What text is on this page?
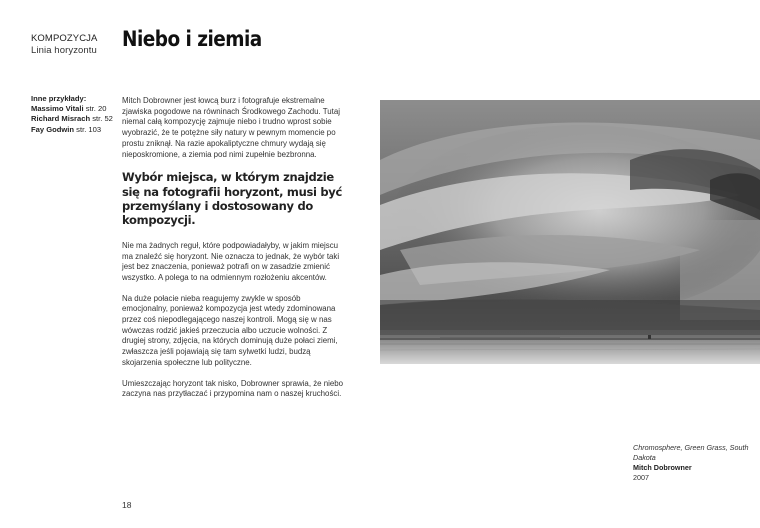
KOMPOZYCJA
Linia horyzontu Niebo i ziemia
Inne przykłady:
Massimo Vitali str. 20
Richard Misrach str. 52
Fay Godwin str. 103

Mitch Dobrowner jest łowcą burz i fotografuje ekstremalne zjawiska pogodowe na równinach Środkowego Zachodu. Tutaj niemal całą kompozycję zajmuje niebo i trudno wprost sobie wyobrazić, że te potężne siły natury w pewnym momencie po prostu zniknął. Na razie apokaliptyczne chmury wydają się nieposkromione, a ziemia pod nimi zupełnie bezbronna.

Wybór miejsca, w którym znajdzie się na fotografii horyzont, musi być przemyślany i dostosowany do kompozycji.

Nie ma żadnych reguł, które podpowiadałyby, w jakim miejscu ma znaleźć się horyzont. Nie oznacza to jednak, że wybór taki jest bez znaczenia, ponieważ potrafi on w zasadzie zmienić wszystko. A polega to na odmiennym rozłożeniu akcentów.

Na duże połacie nieba reagujemy zwykle w sposób emocjonalny, ponieważ kompozycja jest wtedy zdominowana przez coś niepodlegającego naszej kontroli. Mogą się w nas wówczas rodzić jakieś przeczucia albo uczucie wolności. Z drugiej strony, zdjęcia, na których dominują duże połaci ziemi, zwłaszcza jeśli pojawiają się tam sylwetki ludzi, budzą skojarzenia społeczne lub polityczne.

Umieszczając horyzont tak nisko, Dobrowner sprawia, że niebo zaczyna nas przytłaczać i przypomina nam o naszej kruchości.

Chromosphere, Green Grass, South Dakota
Mitch Dobrowner
2007
18
